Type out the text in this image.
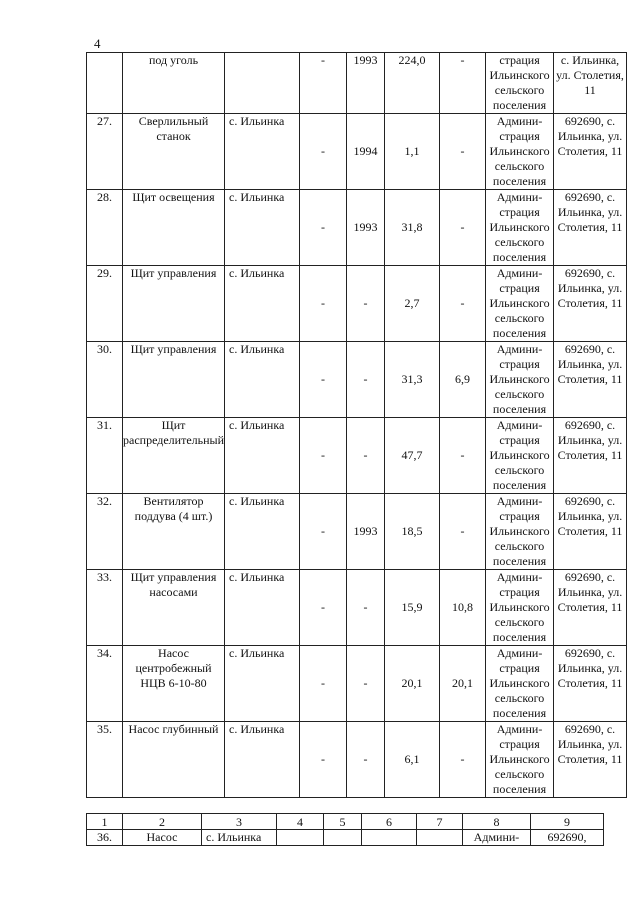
4
	под уголь		-	1993	224,0	-	страция Ильинского сельского поселения	с. Ильинка, ул. Столетия, 11
27.	Сверлильный станок	с. Ильинка	-	1994	1,1	-	Админи-страция Ильинского сельского поселения	692690, с. Ильинка, ул. Столетия, 11
28.	Щит освещения	с. Ильинка	-	1993	31,8	-	Админи-страция Ильинского сельского поселения	692690, с. Ильинка, ул. Столетия, 11
29.	Щит управления	с. Ильинка	-	-	2,7	-	Админи-страция Ильинского сельского поселения	692690, с. Ильинка, ул. Столетия, 11
30.	Щит управления	с. Ильинка	-	-	31,3	6,9	Админи-страция Ильинского сельского поселения	692690, с. Ильинка, ул. Столетия, 11
31.	Щит распределительный	с. Ильинка	-	-	47,7	-	Админи-страция Ильинского сельского поселения	692690, с. Ильинка, ул. Столетия, 11
32.	Вентилятор поддува (4 шт.)	с. Ильинка	-	1993	18,5	-	Админи-страция Ильинского сельского поселения	692690, с. Ильинка, ул. Столетия, 11
33.	Щит управления насосами	с. Ильинка	-	-	15,9	10,8	Админи-страция Ильинского сельского поселения	692690, с. Ильинка, ул. Столетия, 11
34.	Насос центробежный НЦВ 6-10-80	с. Ильинка	-	-	20,1	20,1	Админи-страция Ильинского сельского поселения	692690, с. Ильинка, ул. Столетия, 11
35.	Насос глубинный	с. Ильинка	-	-	6,1	-	Админи-страция Ильинского сельского поселения	692690, с. Ильинка, ул. Столетия, 11
1	2	3	4	5	6	7	8	9
36.	Насос	с. Ильинка					Админи-	692690,
